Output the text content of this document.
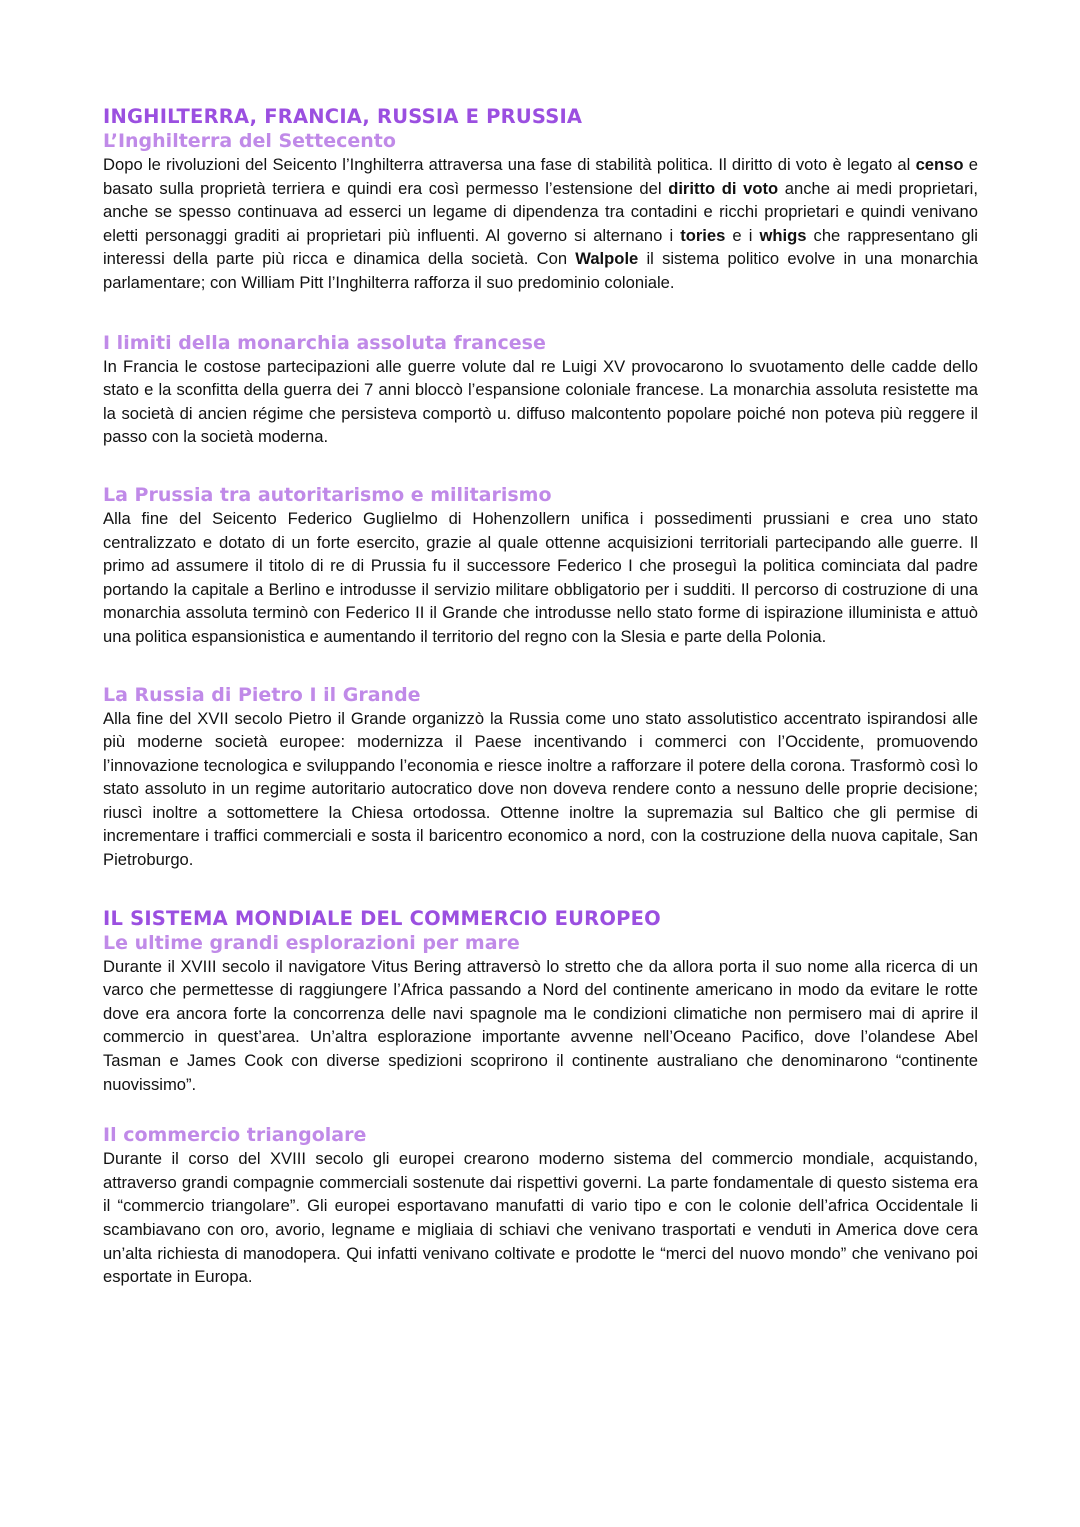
INGHILTERRA, FRANCIA, RUSSIA E PRUSSIA
L’Inghilterra del Settecento

Dopo le rivoluzioni del Seicento l’Inghilterra attraversa una fase di stabilità politica. Il diritto di voto è legato al censo e basato sulla proprietà terriera e quindi era così permesso l’estensione del diritto di voto anche ai medi proprietari, anche se spesso continuava ad esserci un legame di dipendenza tra contadini e ricchi proprietari e quindi venivano eletti personaggi graditi ai proprietari più influenti. Al governo si alternano i tories e i whigs che rappresentano gli interessi della parte più ricca e dinamica della società. Con Walpole il sistema politico evolve in una monarchia parlamentare; con William Pitt l’Inghilterra rafforza il suo predominio coloniale.

I limiti della monarchia assoluta francese

In Francia le costose partecipazioni alle guerre volute dal re Luigi XV provocarono lo svuotamento delle cadde dello stato e la sconfitta della guerra dei 7 anni bloccò l’espansione coloniale francese. La monarchia assoluta resistette ma la società di ancien régime che persisteva comportò u. diffuso malcontento popolare poiché non poteva più reggere il passo con la società moderna.

La Prussia tra autoritarismo e militarismo

Alla fine del Seicento Federico Guglielmo di Hohenzollern unifica i possedimenti prussiani e crea uno stato centralizzato e dotato di un forte esercito, grazie al quale ottenne acquisizioni territoriali partecipando alle guerre. Il primo ad assumere il titolo di re di Prussia fu il successore Federico I che proseguì la politica cominciata dal padre portando la capitale a Berlino e introdusse il servizio militare obbligatorio per i sudditi. Il percorso di costruzione di una monarchia assoluta terminò con Federico II il Grande che introdusse nello stato forme di ispirazione illuminista e attuò una politica espansionistica e aumentando il territorio del regno con la Slesia e parte della Polonia.

La Russia di Pietro I il Grande

Alla fine del XVII secolo Pietro il Grande organizzò la Russia come uno stato assolutistico accentrato ispirandosi alle più moderne società europee: modernizza il Paese incentivando i commerci con l’Occidente, promuovendo l’innovazione tecnologica e sviluppando l’economia e riesce inoltre a rafforzare il potere della corona. Trasformò così lo stato assoluto in un regime autoritario autocratico dove non doveva rendere conto a nessuno delle proprie decisione; riuscì inoltre a sottomettere la Chiesa ortodossa. Ottenne inoltre la supremazia sul Baltico che gli permise di incrementare i traffici commerciali e sosta il baricentro economico a nord, con la costruzione della nuova capitale, San Pietroburgo.

IL SISTEMA MONDIALE DEL COMMERCIO EUROPEO
Le ultime grandi esplorazioni per mare

Durante il XVIII secolo il navigatore Vitus Bering attraversò lo stretto che da allora porta il suo nome alla ricerca di un varco che permettesse di raggiungere l’Africa passando a Nord del continente americano in modo da evitare le rotte dove era ancora forte la concorrenza delle navi spagnole ma le condizioni climatiche non permisero mai di aprire il commercio in quest’area. Un’altra esplorazione importante avvenne nell’Oceano Pacifico, dove l’olandese Abel Tasman e James Cook con diverse spedizioni scoprirono il continente australiano che denominarono “continente nuovissimo”.

Il commercio triangolare

Durante il corso del XVIII secolo gli europei crearono moderno sistema del commercio mondiale, acquistando, attraverso grandi compagnie commerciali sostenute dai rispettivi governi. La parte fondamentale di questo sistema era il “commercio triangolare”. Gli europei esportavano manufatti di vario tipo e con le colonie dell’africa Occidentale li scambiavano con oro, avorio, legname e migliaia di schiavi che venivano trasportati e venduti in America dove cera un’alta richiesta di manodopera. Qui infatti venivano coltivate e prodotte le “merci del nuovo mondo” che venivano poi esportate in Europa.
